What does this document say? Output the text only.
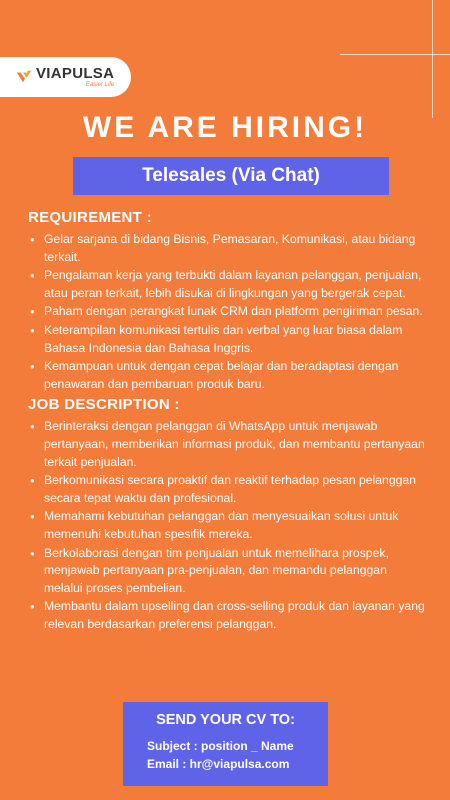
VIAPULSA
Easier Life
WE ARE HIRING!
Telesales (Via Chat)
REQUIREMENT :
• Gelar sarjana di bidang Bisnis, Pemasaran, Komunikasi, atau bidang terkait.
• Pengalaman kerja yang terbukti dalam layanan pelanggan, penjualan, atau peran terkait, lebih disukai di lingkungan yang bergerak cepat.
• Paham dengan perangkat lunak CRM dan platform pengiriman pesan.
• Keterampilan komunikasi tertulis dan verbal yang luar biasa dalam Bahasa Indonesia dan Bahasa Inggris.
• Kemampuan untuk dengan cepat belajar dan beradaptasi dengan penawaran dan pembaruan produk baru.
JOB DESCRIPTION :
• Berinteraksi dengan pelanggan di WhatsApp untuk menjawab pertanyaan, memberikan informasi produk, dan membantu pertanyaan terkait penjualan.
• Berkomunikasi secara proaktif dan reaktif terhadap pesan pelanggan secara tepat waktu dan profesional.
• Memahami kebutuhan pelanggan dan menyesuaikan solusi untuk memenuhi kebutuhan spesifik mereka.
• Berkolaborasi dengan tim penjualan untuk memelihara prospek, menjawab pertanyaan pra-penjualan, dan memandu pelanggan melalui proses pembelian.
• Membantu dalam upselling dan cross-selling produk dan layanan yang relevan berdasarkan preferensi pelanggan.
SEND YOUR CV TO:
Subject : position _ Name
Email : hr@viapulsa.com
